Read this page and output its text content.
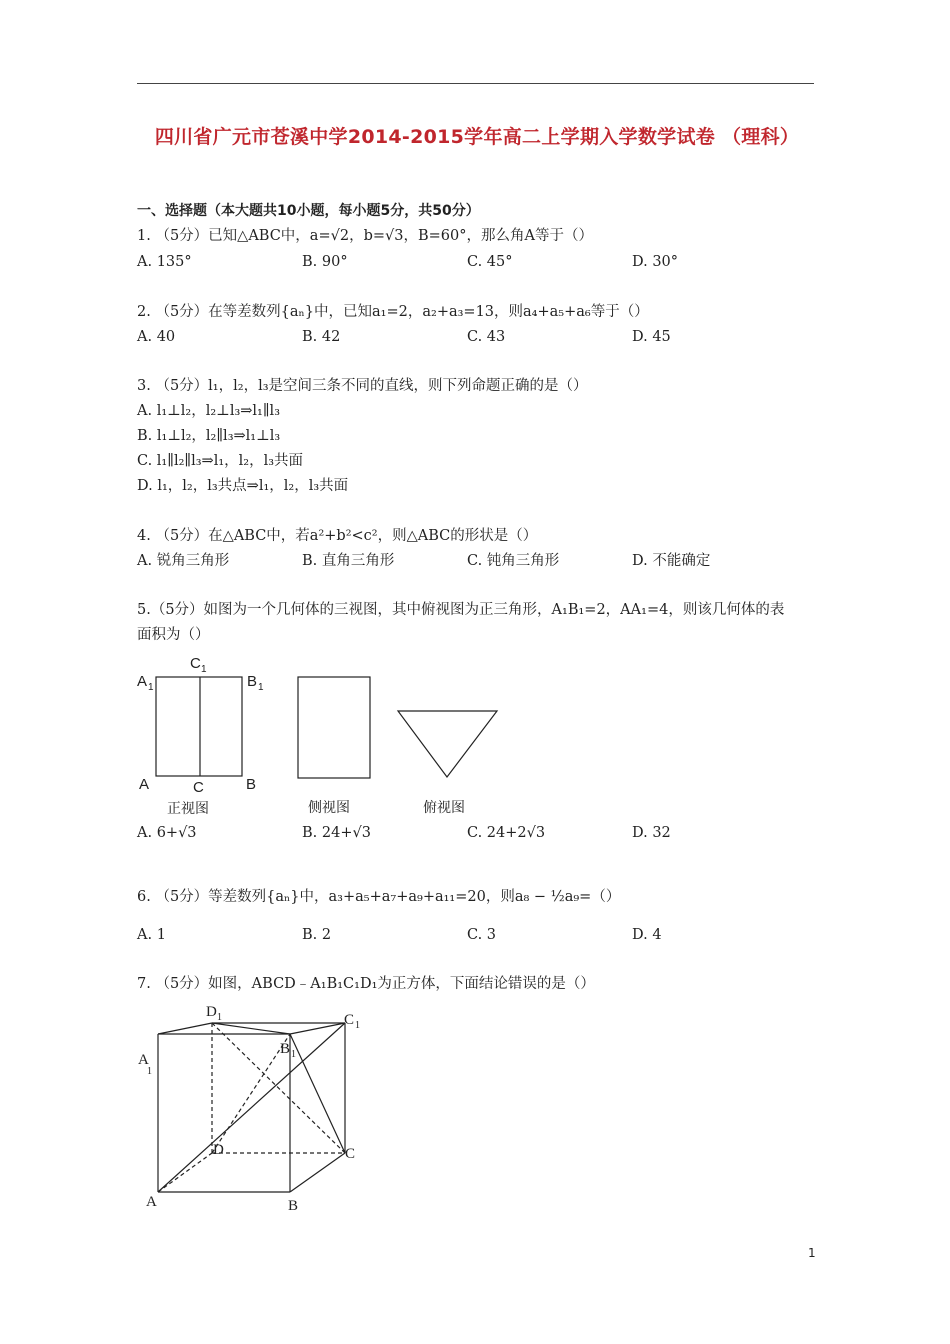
四川省广元市苍溪中学2014-2015学年高二上学期入学数学试卷 （理科）
一、选择题（本大题共10小题，每小题5分，共50分）
1. （5分）已知△ABC中，a=√2，b=√3，B=60°，那么角A等于（）
A. 135°	B. 90°	C. 45°	D. 30°
2. （5分）在等差数列{aₙ}中，已知a₁=2，a₂+a₃=13，则a₄+a₅+a₆等于（）
A. 40	B. 42	C. 43	D. 45
3. （5分）l₁，l₂，l₃是空间三条不同的直线，则下列命题正确的是（）
A. l₁⊥l₂，l₂⊥l₃⇒l₁∥l₃
B. l₁⊥l₂，l₂∥l₃⇒l₁⊥l₃
C. l₁∥l₂∥l₃⇒l₁，l₂，l₃共面
D. l₁，l₂，l₃共点⇒l₁，l₂，l₃共面
4. （5分）在△ABC中，若a²+b²<c²，则△ABC的形状是（）
A. 锐角三角形	B. 直角三角形	C. 钝角三角形	D. 不能确定
5.（5分）如图为一个几何体的三视图，其中俯视图为正三角形，A₁B₁=2，AA₁=4，则该几何体的表
面积为（）
C 1
A 1	B 1
A	C	B
正视图	侧视图	俯视图
A. 6+√3	B. 24+√3	C. 24+2√3	D. 32
6. （5分）等差数列{aₙ}中，a₃+a₅+a₇+a₉+a₁₁=20，则a₈ − ½a₉=（）
A. 1	B. 2	C. 3	D. 4
7. （5分）如图，ABCD﹣A₁B₁C₁D₁为正方体，下面结论错误的是（）
D 1	C 1
A
1
B 1
D	C
A	B
1
